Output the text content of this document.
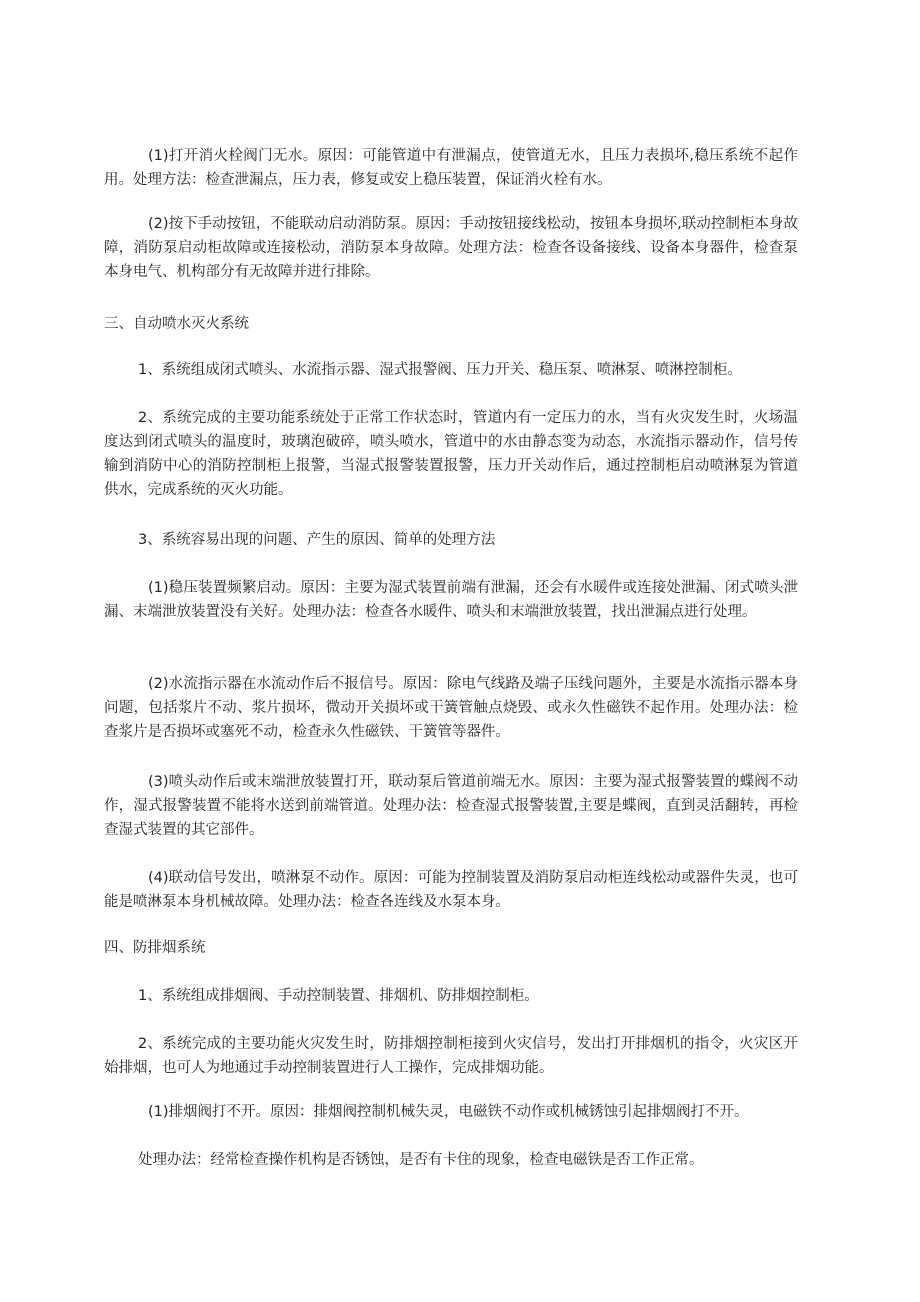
(1)打开消火栓阀门无水。原因：可能管道中有泄漏点，使管道无水，且压力表损坏,稳压系统不起作用。处理方法：检查泄漏点，压力表，修复或安上稳压装置，保证消火栓有水。

(2)按下手动按钮，不能联动启动消防泵。原因：手动按钮接线松动，按钮本身损坏,联动控制柜本身故障，消防泵启动柜故障或连接松动，消防泵本身故障。处理方法：检查各设备接线、设备本身器件，检查泵本身电气、机构部分有无故障并进行排除。

三、自动喷水灭火系统

1、系统组成闭式喷头、水流指示器、湿式报警阀、压力开关、稳压泵、喷淋泵、喷淋控制柜。

2、系统完成的主要功能系统处于正常工作状态时，管道内有一定压力的水，当有火灾发生时，火场温度达到闭式喷头的温度时，玻璃泡破碎，喷头喷水，管道中的水由静态变为动态，水流指示器动作，信号传输到消防中心的消防控制柜上报警，当湿式报警装置报警，压力开关动作后，通过控制柜启动喷淋泵为管道供水，完成系统的灭火功能。

3、系统容易出现的问题、产生的原因、简单的处理方法

(1)稳压装置频繁启动。原因：主要为湿式装置前端有泄漏，还会有水暖件或连接处泄漏、闭式喷头泄漏、末端泄放装置没有关好。处理办法：检查各水暖件、喷头和末端泄放装置，找出泄漏点进行处理。

(2)水流指示器在水流动作后不报信号。原因：除电气线路及端子压线问题外，主要是水流指示器本身问题，包括浆片不动、浆片损坏，微动开关损坏或干簧管触点烧毁、或永久性磁铁不起作用。处理办法：检查浆片是否损坏或塞死不动，检查永久性磁铁、干簧管等器件。

(3)喷头动作后或末端泄放装置打开，联动泵后管道前端无水。原因：主要为湿式报警装置的蝶阀不动作，湿式报警装置不能将水送到前端管道。处理办法：检查湿式报警装置,主要是蝶阀，直到灵活翻转，再检查湿式装置的其它部件。

(4)联动信号发出，喷淋泵不动作。原因：可能为控制装置及消防泵启动柜连线松动或器件失灵，也可能是喷淋泵本身机械故障。处理办法：检查各连线及水泵本身。

四、防排烟系统

1、系统组成排烟阀、手动控制装置、排烟机、防排烟控制柜。

2、系统完成的主要功能火灾发生时，防排烟控制柜接到火灾信号，发出打开排烟机的指令，火灾区开始排烟，也可人为地通过手动控制装置进行人工操作，完成排烟功能。

(1)排烟阀打不开。原因：排烟阀控制机械失灵，电磁铁不动作或机械锈蚀引起排烟阀打不开。

处理办法：经常检查操作机构是否锈蚀，是否有卡住的现象，检查电磁铁是否工作正常。
